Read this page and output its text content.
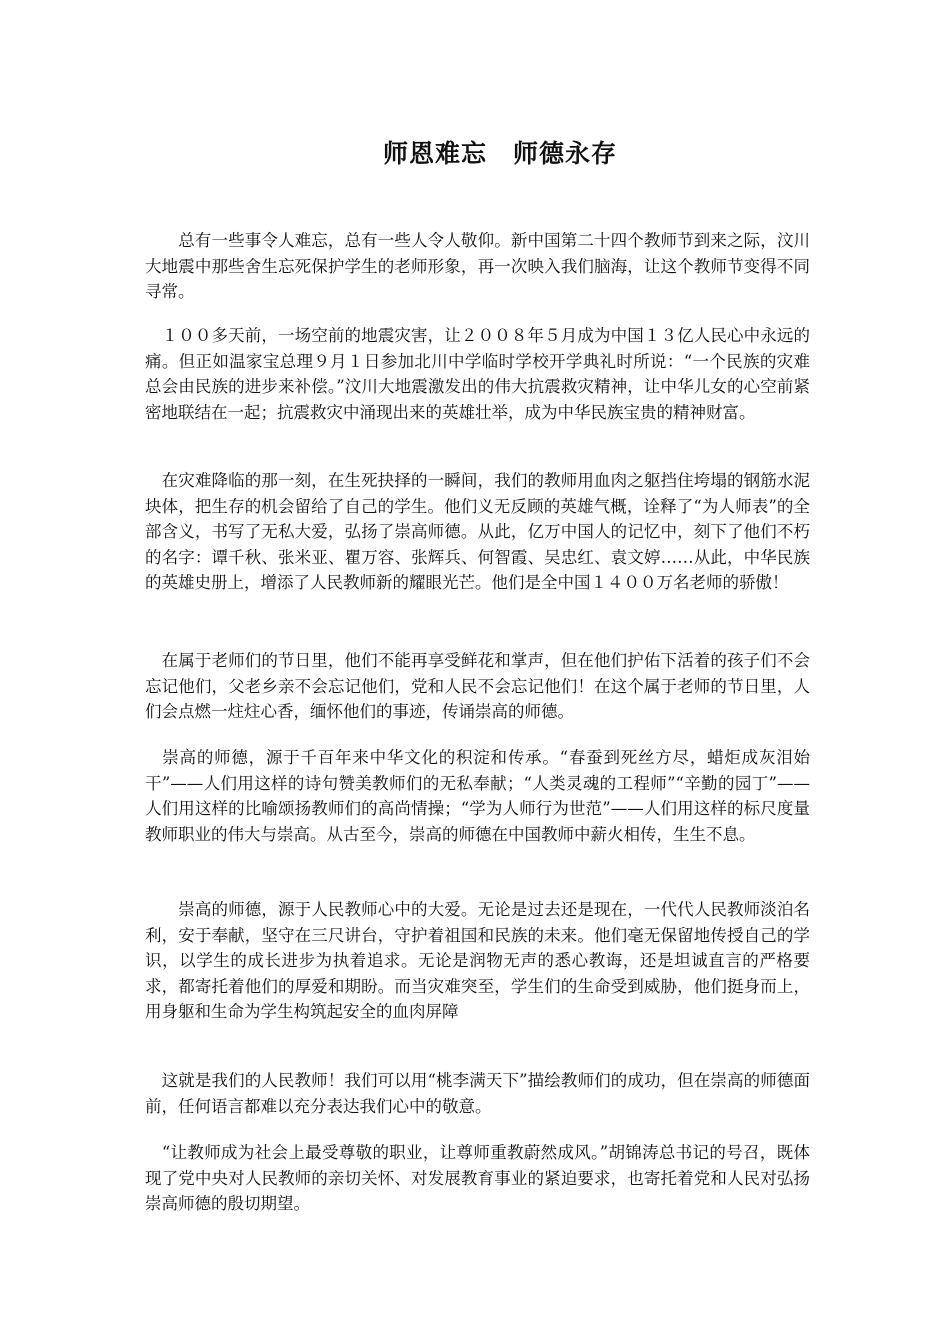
师恩难忘　师德永存

　　总有一些事令人难忘，总有一些人令人敬仰。新中国第二十四个教师节到来之际，汶川大地震中那些舍生忘死保护学生的老师形象，再一次映入我们脑海，让这个教师节变得不同寻常。

　１００多天前，一场空前的地震灾害，让２００８年５月成为中国１３亿人民心中永远的痛。但正如温家宝总理９月１日参加北川中学临时学校开学典礼时所说：“一个民族的灾难总会由民族的进步来补偿。”汶川大地震激发出的伟大抗震救灾精神，让中华儿女的心空前紧密地联结在一起；抗震救灾中涌现出来的英雄壮举，成为中华民族宝贵的精神财富。

　在灾难降临的那一刻，在生死抉择的一瞬间，我们的教师用血肉之躯挡住垮塌的钢筋水泥块体，把生存的机会留给了自己的学生。他们义无反顾的英雄气概，诠释了“为人师表”的全部含义，书写了无私大爱，弘扬了崇高师德。从此，亿万中国人的记忆中，刻下了他们不朽的名字：谭千秋、张米亚、瞿万容、张辉兵、何智霞、吴忠红、袁文婷……从此，中华民族的英雄史册上，增添了人民教师新的耀眼光芒。他们是全中国１４００万名老师的骄傲！

　在属于老师们的节日里，他们不能再享受鲜花和掌声，但在他们护佑下活着的孩子们不会忘记他们，父老乡亲不会忘记他们，党和人民不会忘记他们！在这个属于老师的节日里，人们会点燃一炷炷心香，缅怀他们的事迹，传诵崇高的师德。

　崇高的师德，源于千百年来中华文化的积淀和传承。“春蚕到死丝方尽，蜡炬成灰泪始干”——人们用这样的诗句赞美教师们的无私奉献；“人类灵魂的工程师”“辛勤的园丁”——人们用这样的比喻颂扬教师们的高尚情操；“学为人师行为世范”——人们用这样的标尺度量教师职业的伟大与崇高。从古至今，崇高的师德在中国教师中薪火相传，生生不息。

　　崇高的师德，源于人民教师心中的大爱。无论是过去还是现在，一代代人民教师淡泊名利，安于奉献，坚守在三尺讲台，守护着祖国和民族的未来。他们毫无保留地传授自己的学识，以学生的成长进步为执着追求。无论是润物无声的悉心教诲，还是坦诚直言的严格要求，都寄托着他们的厚爱和期盼。而当灾难突至，学生们的生命受到威胁，他们挺身而上，用身躯和生命为学生构筑起安全的血肉屏障

　这就是我们的人民教师！我们可以用“桃李满天下”描绘教师们的成功，但在崇高的师德面前，任何语言都难以充分表达我们心中的敬意。

　“让教师成为社会上最受尊敬的职业，让尊师重教蔚然成风。”胡锦涛总书记的号召，既体现了党中央对人民教师的亲切关怀、对发展教育事业的紧迫要求，也寄托着党和人民对弘扬崇高师德的殷切期望。
